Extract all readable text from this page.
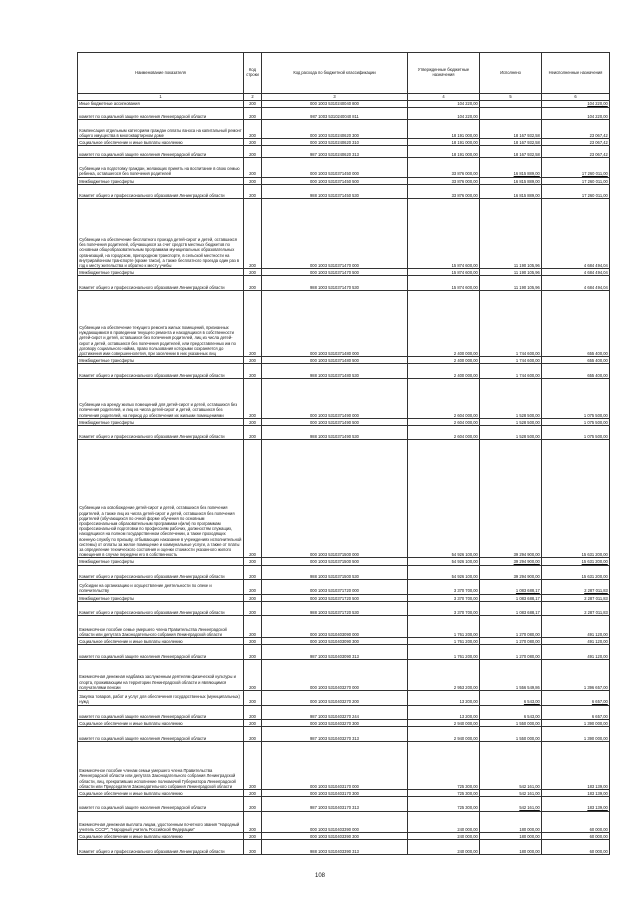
Наименование показателя	Код строки	Код расхода по бюджетной классификации	Утвержденные бюджетные назначения	Исполнено	Неисполненные назначения
1	2	3	4	5	6
Иные бюджетные ассигнования	200	000 1003 5310240040 800	104 220,00		104 220,00
комитет по социальной защите населения Ленинградской области	200	987 1003 5310240040 811	104 220,00		104 220,00
Компенсация отдельным категориям граждан оплаты взноса на капитальный ремонт общего имущества в многоквартирном доме	200	000 1003 5310240620 300	18 191 000,00	18 167 932,58	23 067,42
Социальное обеспечение и иные выплаты населению	200	000 1003 5310240620 310	18 191 000,00	18 167 932,58	23 067,42
комитет по социальной защите населения Ленинградской области	200	987 1003 5310240620 313	18 191 000,00	18 167 932,58	23 067,42
Субвенции на подготовку граждан, желающих принять на воспитание в свою семью ребенка, оставшегося без попечения родителей	200	000 1003 5310371450 000	33 876 000,00	16 815 889,00	17 260 011,00
Межбюджетные трансферты	200	000 1003 5310371450 500	33 876 000,00	16 815 889,00	17 260 011,00
Комитет общего и профессионального образования Ленинградской области	200	988 1003 5310371450 530	33 876 000,00	16 815 889,00	17 260 011,00
Субвенции на обеспечение бесплатного проезда детей-сирот и детей, оставшихся без попечения родителей, обучающихся за счет средств местных бюджетов по основным общеобразовательным программам муниципальных образовательных организаций, на городском, пригородном транспорте, в сельской местности на внутрирайонном транспорте (кроме такси), а также бесплатного проезда один раз в год к месту жительства и обратно к месту учебы	200	000 1003 5310371470 000	15 874 600,00	11 190 105,96	4 684 494,04
Межбюджетные трансферты	200	000 1003 5310371470 500	15 874 600,00	11 190 105,96	4 684 494,04
Комитет общего и профессионального образования Ленинградской области	200	988 1003 5310371470 530	15 874 600,00	11 190 105,96	4 684 494,04
Субвенции на обеспечение текущего ремонта жилых помещений, признанных нуждающимися в проведении текущего ремонта и находящихся в собственности детей-сирот и детей, оставшихся без попечения родителей, лиц из числа детей-сирот и детей, оставшихся без попечения родителей, или предоставленных им по договору социального найма, право пользования которыми сохраняется до достижения ими совершеннолетия, при заселении в них указанных лиц	200	000 1003 5310371480 000	2 400 000,00	1 744 600,00	655 400,00
Межбюджетные трансферты	200	000 1003 5310371480 500	2 400 000,00	1 744 600,00	655 400,00
Комитет общего и профессионального образования Ленинградской области	200	988 1003 5310371480 530	2 400 000,00	1 744 600,00	655 400,00
Субвенции на аренду жилых помещений для детей-сирот и детей, оставшихся без попечения родителей, и лиц из числа детей-сирот и детей, оставшихся без попечения родителей, на период до обеспечения их жилыми помещениями	200	000 1003 5310371490 000	2 604 000,00	1 528 500,00	1 075 500,00
Межбюджетные трансферты	200	000 1003 5310371490 500	2 604 000,00	1 528 500,00	1 075 500,00
Комитет общего и профессионального образования Ленинградской области	200	988 1003 5310371490 530	2 604 000,00	1 528 500,00	1 075 500,00
Субвенции на освобождение детей-сирот и детей, оставшихся без попечения родителей, а также лиц из числа детей-сирот и детей, оставшихся без попечения родителей (обучающихся по очной форме обучения по основным профессиональным образовательным программам и(или) по программам профессиональной подготовки по профессиям рабочих, должностям служащих, находящихся на полном государственном обеспечении, а также проходящих военную службу по призыву, отбывающих наказание в учреждениях исполнительной системы) от оплаты за жилое помещение и коммунальные услуги, а также от платы за определение технического состояния и оценки стоимости указанного жилого помещения в случае передачи его в собственность	200	000 1003 5310371500 000	54 926 100,00	39 294 900,00	15 631 200,00
Межбюджетные трансферты	200	000 1003 5310371500 500	54 926 100,00	39 294 900,00	15 631 200,00
Комитет общего и профессионального образования Ленинградской области	200	988 1003 5310371500 530	54 926 100,00	39 294 900,00	15 631 200,00
Субсидии на организацию и осуществление деятельности по опеке и попечительству	200	000 1003 5310371720 000	3 370 700,00	1 083 688,17	2 287 011,83
Межбюджетные трансферты	200	000 1003 5310371720 500	3 370 700,00	1 083 688,17	2 287 011,83
Комитет общего и профессионального образования Ленинградской области	200	988 1003 5310371720 530	3 370 700,00	1 083 688,17	2 287 011,83
Ежемесячное пособие семье умершего члена Правительства Ленинградской области или депутата Законодательного собрания Ленинградской области	200	000 1003 5310403090 000	1 761 200,00	1 270 080,00	491 120,00
Социальное обеспечение и иные выплаты населению	200	000 1003 5310403090 300	1 761 200,00	1 270 080,00	491 120,00
комитет по социальной защите населения Ленинградской области	200	987 1003 5310403090 313	1 761 200,00	1 270 080,00	491 120,00
Ежемесячная денежная надбавка заслуженным деятелям физической культуры и спорта, проживающим на территории Ленинградской области и являющимся получателями пенсии	200	000 1003 5310403270 000	2 953 200,00	1 556 549,86	1 396 657,00
Закупка товаров, работ и услуг для обеспечения государственных (муниципальных) нужд	200	000 1003 5310403270 200	13 200,00	6 543,00	6 657,00
комитет по социальной защите населения Ленинградской области	200	987 1003 5310403270 244	13 200,00	6 543,00	6 657,00
Социальное обеспечение и иные выплаты населению	200	000 1003 5310403270 300	2 940 000,00	1 550 000,00	1 390 000,00
комитет по социальной защите населения Ленинградской области	200	987 1003 5310403270 313	2 940 000,00	1 550 000,00	1 390 000,00
Ежемесячное пособие членам семьи умершего члена Правительства Ленинградской области или депутата Законодательного собрания Ленинградской области, лиц, прекративших исполнение полномочий Губернатора Ленинградской области или Председателя Законодательного собрания Ленинградской области	200	000 1003 5310403170 000	725 300,00	542 161,00	183 139,00
Социальное обеспечение и иные выплаты населению	200	000 1003 5310403170 300	725 300,00	542 161,00	183 139,00
комитет по социальной защите населения Ленинградской области	200	987 1003 5310403170 313	725 300,00	542 161,00	183 139,00
Ежемесячная денежная выплата лицам, удостоенным почетного звания "Народный учитель СССР", "Народный учитель Российской Федерации"	200	000 1003 5310403390 000	240 000,00	180 000,00	60 000,00
Социальное обеспечение и иные выплаты населению	200	000 1003 5310403390 300	240 000,00	180 000,00	60 000,00
Комитет общего и профессионального образования Ленинградской области	200	988 1003 5310403390 313	240 000,00	180 000,00	60 000,00
108
